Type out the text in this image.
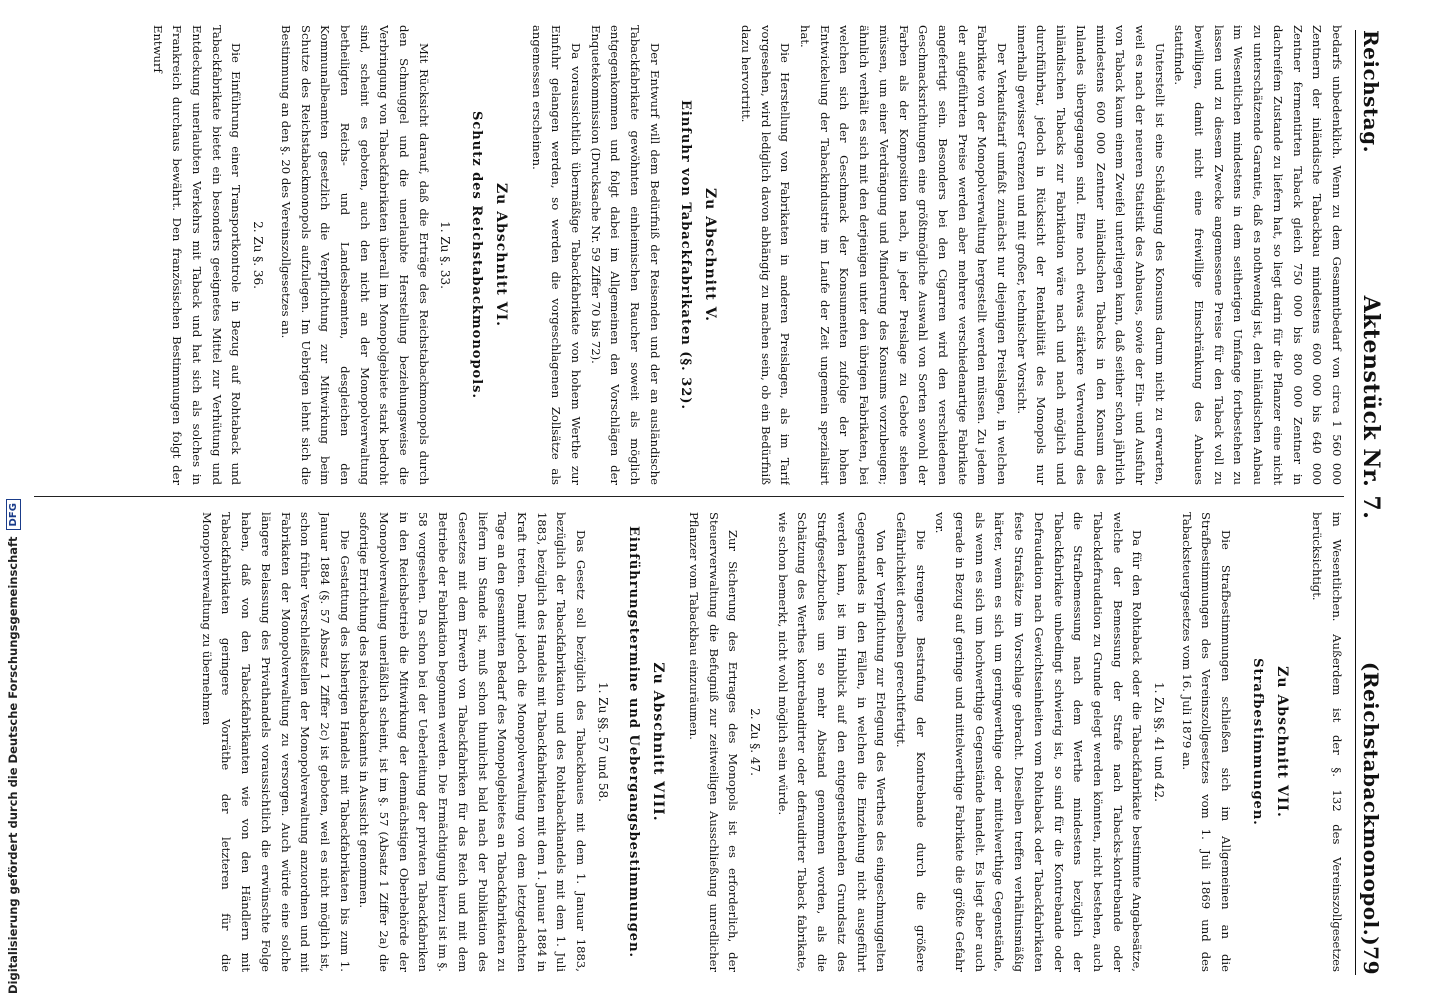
Reichstag.
Aktenstück Nr. 7.
(Reichstabackmonopol.)
79

bedarfs unbedenklich. Wenn zu dem Gesammtbedarf von circa 1 560 000 Zentnern der inländische Tabackbau mindestens 600 000 bis 640 000 Zentner fermentirten Taback gleich 750 000 bis 800 000 Zentner in dachreifem Zustande zu liefern hat, so liegt darin für die Pflanzer eine nicht zu unterschätzende Garantie, daß es nothwendig ist, den inländischen Anbau im Wesentlichen mindestens in dem seitherigen Umfange fortbestehen zu lassen und zu diesem Zwecke angemessene Preise für den Taback voll zu bewilligen, damit nicht eine freiwillige Einschränkung des Anbaues stattfinde.

Unterstellt ist eine Schädigung des Konsums darum nicht zu erwarten, weil es nach der neueren Statistik des Anbaues, sowie der Ein- und Ausfuhr von Taback kaum einem Zweifel unterliegen kann, daß seither schon jährlich mindestens 600 000 Zentner inländischen Tabacks in den Konsum des Inlandes übergegangen sind. Eine noch etwas stärkere Verwendung des inländischen Tabacks zur Fabrikation wäre nach und nach möglich und durchführbar, jedoch in Rücksicht der Rentabilität des Monopols nur innerhalb gewisser Grenzen und mit großer, technischer Vorsicht.

Der Verkaufstarif umfaßt zunächst nur diejenigen Preislagen, in welchen Fabrikate von der Monopolverwaltung hergestellt werden müssen. Zu jedem der aufgeführten Preise werden aber mehrere verschiedenartige Fabrikate angefertigt sein. Besonders bei den Cigarren wird den verschiedenen Geschmacksrichtungen eine größtmögliche Auswahl von Sorten sowohl der Farben als der Komposition nach, in jeder Preislage zu Gebote stehen müssen, um einer Verdrängung und Minderung des Konsums vorzubeugen; ähnlich verhält es sich mit den derjenigen unter den übrigen Fabrikaten, bei welchen sich der Geschmack der Konsumenten zufolge der hohen Entwickelung der Tabackindustrie im Laufe der Zeit ungemein spezialisirt hat.

Die Herstellung von Fabrikaten in anderen Preislagen, als im Tarif vorgesehen, wird lediglich davon abhängig zu machen sein, ob ein Bedürfniß dazu hervortritt.

Zu Abschnitt V.
Einfuhr von Tabackfabrikaten (§. 32).

Der Entwurf will dem Bedürfniß der Reisenden und der an ausländische Tabackfabrikate gewöhnten einheimischen Raucher soweit als möglich entgegenkommen und folgt dabei im Allgemeinen den Vorschlägen der Enquetekommission (Drucksache Nr. 59 Ziffer 70 bis 72).

Da voraussichtlich übermäßige Tabackfabrikate von hohem Werthe zur Einfuhr gelangen werden, so werden die vorgeschlagenen Zollsätze als angemessen erscheinen.

Zu Abschnitt VI.
Schutz des Reichstabackmonopols.
1. Zu §. 33.

Mit Rücksicht darauf, daß die Erträge des Reichstabackmonopols durch den Schmuggel und die unerlaubte Herstellung beziehungsweise die Verbringung von Tabackfabrikaten überall im Monopolgebiete stark bedroht sind, scheint es geboten, auch den nicht an der Monopolverwaltung betheiligten Reichs- und Landesbeamten, desgleichen den Kommunalbeamten gesetzlich die Verpflichtung zur Mitwirkung beim Schutze des Reichstabackmonopols aufzulegen. Im Uebrigen lehnt sich die Bestimmung an den §. 20 des Vereinszollgesetzes an.

2. Zu §. 36.

Die Einführung einer Transportkontrole in Bezug auf Rohtaback und Tabackfabrikate bietet ein besonders geeignetes Mittel zur Verhütung und Entdeckung unerlaubten Verkehrs mit Taback und hat sich als solches in Frankreich durchaus bewährt. Den französischen Bestimmungen folgt der Entwurf

im Wesentlichen. Außerdem ist der §. 132 des Vereinszollgesetzes berücksichtigt.

Zu Abschnitt VII.
Strafbestimmungen.

Die Strafbestimmungen schließen sich im Allgemeinen an die Strafbestimmungen des Vereinszollgesetzes vom 1. Juli 1869 und des Tabacksteuergesetzes vom 16. Juli 1879 an.

1. Zu §§. 41 und 42.

Da für den Rohtaback oder die Tabackfabrikate bestimmte Angabesätze, welche der Bemessung der Strafe nach Tabacks-kontrebande oder Tabackdefraudation zu Grunde gelegt werden könnten, nicht bestehen, auch die Strafbemessung nach dem Werthe mindestens bezüglich der Tabackfabrikate unbedingt schwierig ist, so sind für die Kontrebande oder Defraudation nach Gewichtseinheiten vom Rohtaback oder Tabackfabrikaten feste Strafsätze im Vorschlage gebracht. Dieselben treffen verhältnismäßig härter, wenn es sich um geringwerthige oder mittelwerthige Gegenstände, als wenn es sich um hochwerthige Gegenstände handelt. Es liegt aber auch gerade in Bezug auf geringe und mittelwerthige Fabrikate die größte Gefahr vor.

Die strengere Bestrafung der Kontrebande durch die größere Gefährlichkeit derselben gerechtfertigt.

Von der Verpflichtung zur Erlegung des Werthes des eingeschmuggelten Gegenstandes in den Fällen, in welchen die Einziehung nicht ausgeführt werden kann, ist im Hinblick auf den entgegenstehenden Grundsatz des Strafgesetzbuches um so mehr Abstand genommen worden, als die Schätzung des Werthes kontrebandirter oder defraudirter Taback fabrikate, wie schon bemerkt, nicht wohl möglich sein würde.

2. Zu §. 47.

Zur Sicherung des Ertrages des Monopols ist es erforderlich, der Steuerverwaltung die Befugniß zur zeitweiligen Ausschließung unredlicher Pflanzer vom Tabackbau einzuräumen.

Zu Abschnitt VIII.
Einführungstermine und Uebergangsbestimmungen.
1. Zu §§. 57 und 58.

Das Gesetz soll bezüglich des Tabackbaues mit dem 1. Januar 1883, bezüglich der Tabackfabrikation und des Rohtabackhandels mit dem 1. Juli 1883, bezüglich des Handels mit Tabackfabrikaten mit dem 1. Januar 1884 in Kraft treten. Damit jedoch die Monopolverwaltung von dem letztgedachten Tage an den gesammten Bedarf des Monopolgebietes an Tabackfabrikaten zu liefern im Stande ist, muß schon thunlichst bald nach der Publikation des Gesetzes mit dem Erwerb von Tabackfabriken für das Reich und mit dem Betriebe der Fabrikation begonnen werden. Die Ermächtigung hierzu ist im §. 58 vorgesehen. Da schon bei der Ueberleitung der privaten Tabackfabriken in den Reichsbetrieb die Mitwirkung der demnächstigen Oberbehörde der Monopolverwaltung unerläßlich scheint, ist im §. 57 (Absatz 1 Ziffer 2a) die sofortige Errichtung des Reichstabackamts in Aussicht genommen.

Die Gestattung des bisherigen Handels mit Tabackfabrikaten bis zum 1. Januar 1884 (§. 57 Absatz 1 Ziffer 2c) ist geboten, weil es nicht möglich ist, schon früher Verschleißstellen der Monopolverwaltung anzuordnen und mit Fabrikaten der Monopolverwaltung zu versorgen. Auch würde eine solche längere Belassung des Privathandels voraussichtlich die erwünschte Folge haben, daß von den Tabackfabrikanten wie von den Händlern mit Tabackfabrikaten geringere Vorräthe der letzteren für die Monopolverwaltung zu übernehmen

Digitalisierung gefördert durch die Deutsche Forschungsgemeinschaft
DFG
